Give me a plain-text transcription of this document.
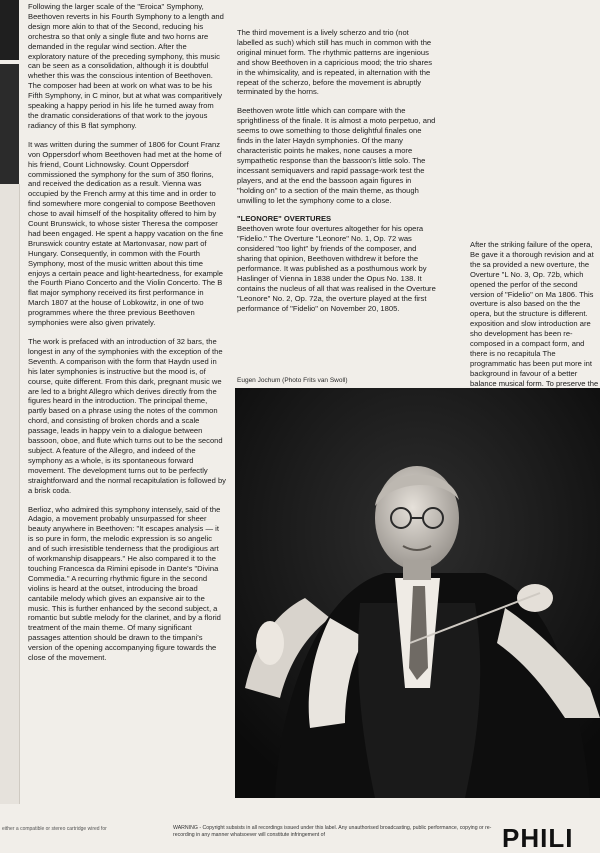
Following the larger scale of the "Eroica" Symphony, Beethoven reverts in his Fourth Symphony to a length and design more akin to that of the Second, reducing his orchestra so that only a single flute and two horns are demanded in the regular wind section. After the exploratory nature of the preceding symphony, this music can be seen as a consolidation, although it is doubtful whether this was the conscious intention of Beethoven. The composer had been at work on what was to be his Fifth Symphony, in C minor, but at what was comparitively speaking a happy period in his life he turned away from the dramatic considerations of that work to the joyous radiancy of this B flat symphony.

It was written during the summer of 1806 for Count Franz von Oppersdorf whom Beethoven had met at the home of his friend, Count Lichnowsky. Count Oppersdorf commissioned the symphony for the sum of 350 florins, and received the dedication as a result. Vienna was occupied by the French army at this time and in order to find somewhere more congenial to compose Beethoven chose to avail himself of the hospitality offered to him by Count Brunswick, to whose sister Theresa the composer had been engaged. He spent a happy vacation on the fine Brunswick country estate at Martonvasar, now part of Hungary. Consequently, in common with the Fourth Symphony, most of the music written about this time enjoys a certain peace and light-heartedness, for example the Fourth Piano Concerto and the Violin Concerto. The B flat major symphony received its first performance in March 1807 at the house of Lobkowitz, in one of two programmes where the three previous Beethoven symphonies were also given privately.

The work is prefaced with an introduction of 32 bars, the longest in any of the symphonies with the exception of the Seventh. A comparison with the form that Haydn used in his later symphonies is instructive but the mood is, of course, quite different. From this dark, pregnant music we are led to a bright Allegro which derives directly from the figures heard in the introduction. The principal theme, partly based on a phrase using the notes of the common chord, and consisting of broken chords and a scale passage, leads in happy vein to a dialogue between bassoon, oboe, and flute which turns out to be the second subject. A feature of the Allegro, and indeed of the symphony as a whole, is its spontaneous forward movement. The development turns out to be perfectly straightforward and the normal recapitulation is followed by a brisk coda.

Berlioz, who admired this symphony intensely, said of the Adagio, a movement probably unsurpassed for sheer beauty anywhere in Beethoven: "It escapes analysis — it is so pure in form, the melodic expression is so angelic and of such irresistible tenderness that the prodigious art of workmanship disappears." He also compared it to the touching Francesca da Rimini episode in Dante's "Divina Commedia." A recurring rhythmic figure in the second violins is heard at the outset, introducing the broad cantabile melody which gives an expansive air to the music. This is further enhanced by the second subject, a romantic but subtle melody for the clarinet, and by a florid treatment of the main theme. Of many significant passages attention should be drawn to the timpani's version of the opening accompanying figure towards the close of the movement.

The third movement is a lively scherzo and trio (not labelled as such) which still has much in common with the original minuet form. The rhythmic patterns are ingenious and show Beethoven in a capricious mood; the trio shares in the whimsicality, and is repeated, in alternation with the repeat of the scherzo, before the movement is abruptly terminated by the horns.

Beethoven wrote little which can compare with the sprightliness of the finale. It is almost a moto perpetuo, and seems to owe something to those delightful finales one finds in the later Haydn symphonies. Of the many characteristic points he makes, none causes a more sympathetic response than the bassoon's little solo. The incessant semiquavers and rapid passage-work test the players, and at the end the bassoon again figures in "holding on" to a section of the main theme, as though unwilling to let the symphony come to a close.

"LEONORE" OVERTURES

Beethoven wrote four overtures altogether for his opera "Fidelio." The Overture "Leonore" No. 1, Op. 72 was considered "too light" by friends of the composer, and sharing that opinion, Beethoven withdrew it before the performance. It was published as a posthumous work by Haslinger of Vienna in 1838 under the Opus No. 138. It contains the nucleus of all that was realised in the Overture "Leonore" No. 2, Op. 72a, the overture played at the first performance of "Fidelio" on November 20, 1805.

After the striking failure of the opera, Be gave it a thorough revision and at the sa provided a new overture, the Overture "L No. 3, Op. 72b, which opened the perfor of the second version of "Fidelio" on Ma 1806. This overture is also based on the the opera, but the structure is different. exposition and slow introduction are sho development has been re-composed in a compact form, and there is no recapitula The programmatic has been put more int background in favour of a better balance musical form. To preserve the

Eugen Jochum (Photo Frits van Swoll)
either a compatible or stereo cartridge wired for	WARNING - Copyright subsists in all recordings issued under this label. Any unauthorised broadcasting, public performance, copying or re-recording in any manner whatsoever will constitute infringement of	PHILI
